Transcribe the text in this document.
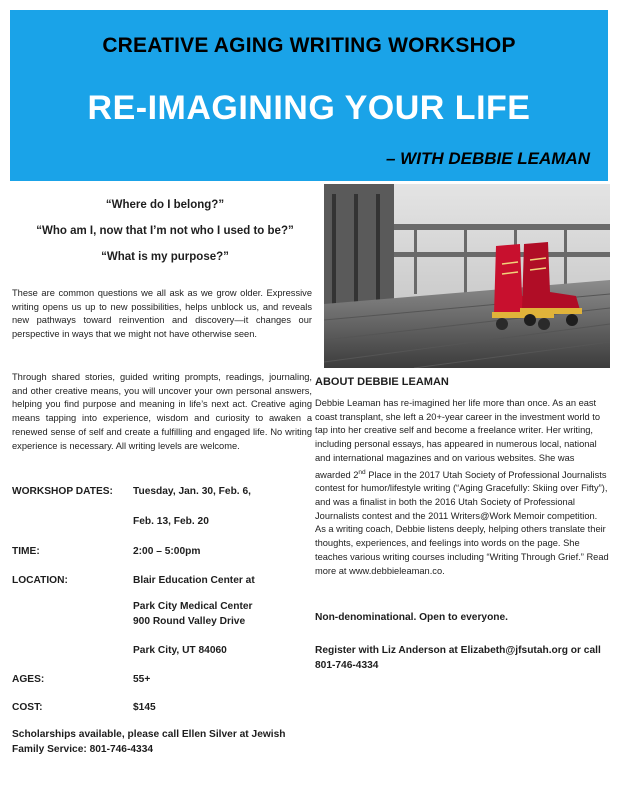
CREATIVE AGING WRITING WORKSHOP
RE-IMAGINING YOUR LIFE
– WITH DEBBIE LEAMAN
“Where do I belong?”
“Who am I, now that I’m not who I used to be?”
“What is my purpose?”
These are common questions we all ask as we grow older. Expressive writing opens us up to new possibilities, helps unblock us, and reveals new pathways toward reinvention and discovery—it changes our perspective in ways that we might not have otherwise seen.
Through shared stories, guided writing prompts, readings, journaling, and other creative means, you will uncover your own personal answers, helping you find purpose and meaning in life’s next act. Creative aging means tapping into experience, wisdom and curiosity to awaken a renewed sense of self and create a fulfilling and engaged life. No writing experience is necessary. All writing levels are welcome.
WORKSHOP DATES: Tuesday, Jan. 30, Feb. 6,
Feb. 13, Feb. 20
TIME:	2:00 – 5:00pm
LOCATION:	Blair Education Center at
Park City Medical Center
900 Round Valley Drive
Park City, UT 84060
AGES:	55+
COST:	$145
Scholarships available, please call Ellen Silver at Jewish Family Service: 801-746-4334
ABOUT DEBBIE LEAMAN
Debbie Leaman has re-imagined her life more than once. As an east coast transplant, she left a 20+-year career in the investment world to tap into her creative self and become a freelance writer. Her writing, including personal essays, has appeared in numerous local, national and international magazines and on various websites. She was awarded 2nd Place in the 2017 Utah Society of Professional Journalists contest for humor/lifestyle writing (“Aging Gracefully: Skiing over Fifty”), and was a finalist in both the 2016 Utah Society of Professional Journalists contest and the 2011 Writers@Work Memoir competition. As a writing coach, Debbie listens deeply, helping others translate their thoughts, experiences, and feelings into words on the page. She teaches various writing courses including “Writing Through Grief.” Read more at www.debbieleaman.co.
Non-denominational. Open to everyone.
Register with Liz Anderson at Elizabeth@jfsutah.org or call 801-746-4334
